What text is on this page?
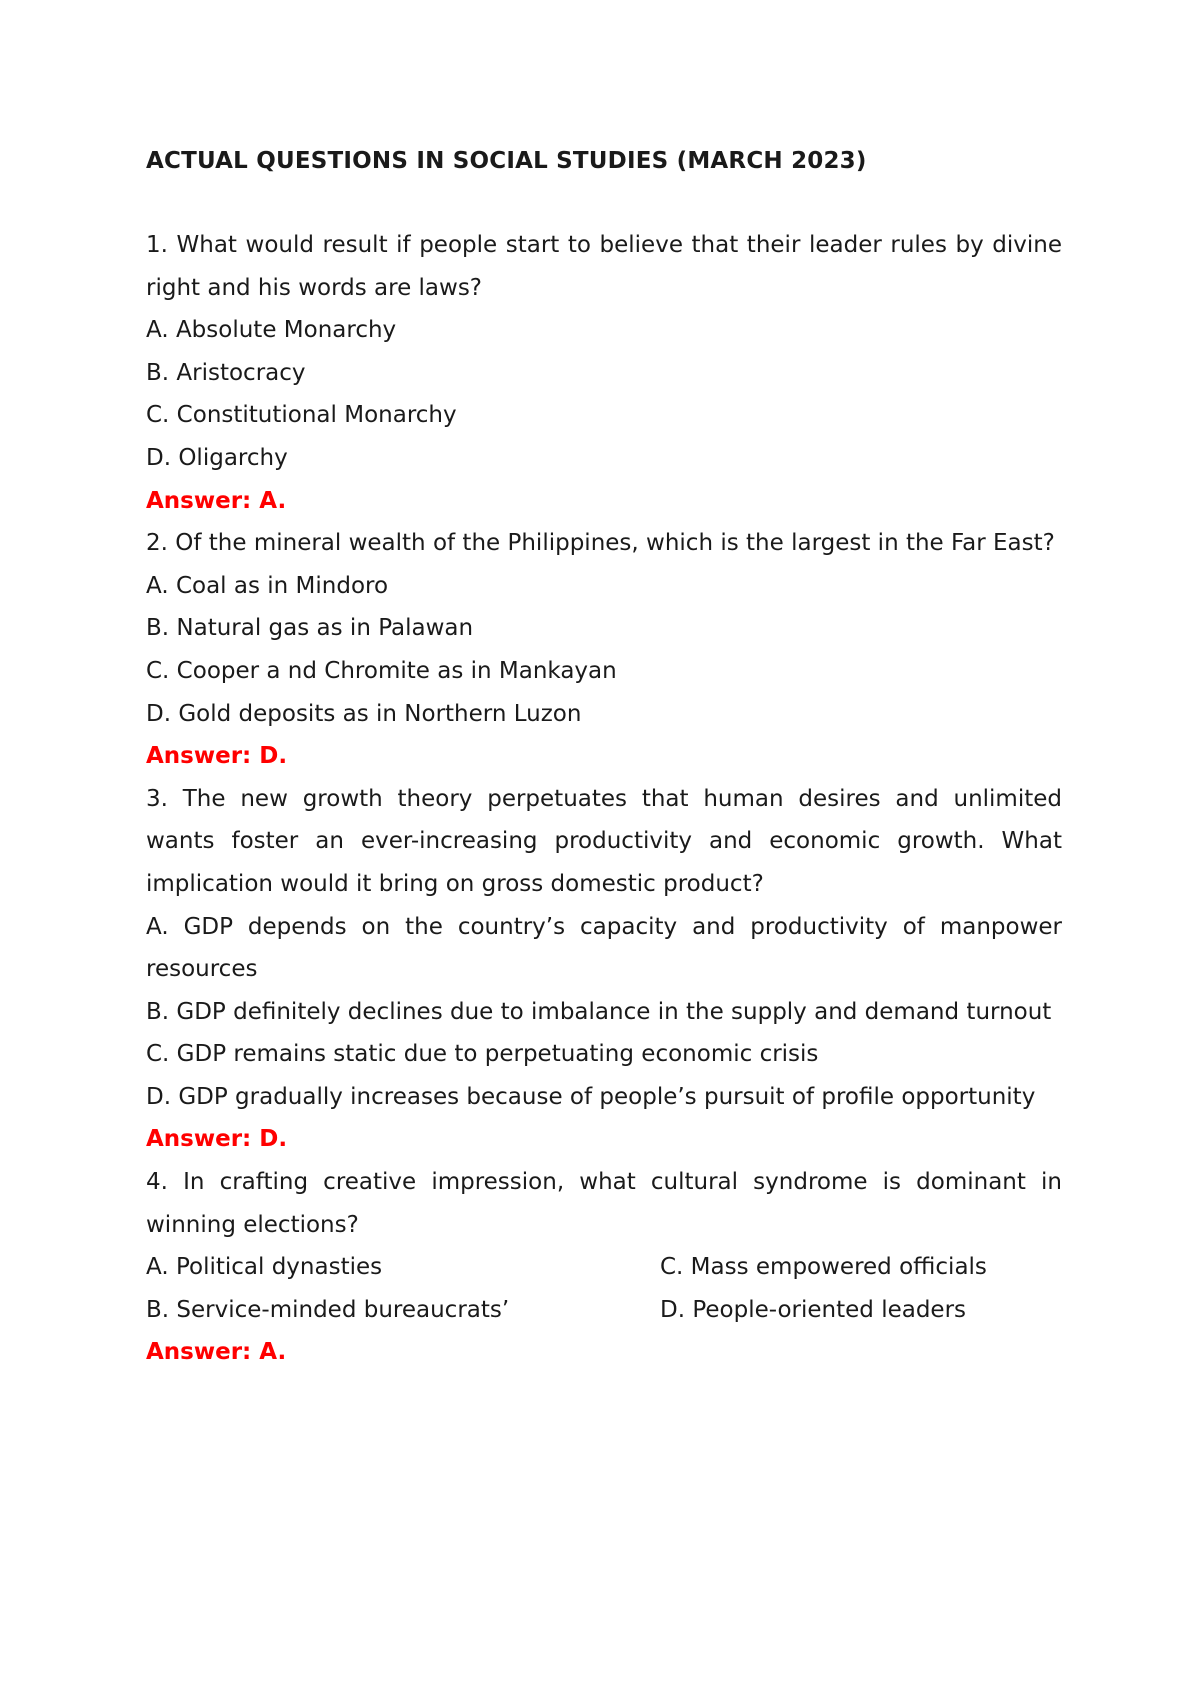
ACTUAL QUESTIONS IN SOCIAL STUDIES (MARCH 2023)
1. What would result if people start to believe that their leader rules by divine right and his words are laws?
A. Absolute Monarchy
B. Aristocracy
C. Constitutional Monarchy
D. Oligarchy
Answer: A.
2. Of the mineral wealth of the Philippines, which is the largest in the Far East?
A. Coal as in Mindoro
B. Natural gas as in Palawan
C. Cooper a nd Chromite as in Mankayan
D. Gold deposits as in Northern Luzon
Answer: D.
3. The new growth theory perpetuates that human desires and unlimited wants foster an ever-increasing productivity and economic growth. What implication would it bring on gross domestic product?
A. GDP depends on the country’s capacity and productivity of manpower resources
B. GDP definitely declines due to imbalance in the supply and demand turnout
C. GDP remains static due to perpetuating economic crisis
D. GDP gradually increases because of people’s pursuit of profile opportunity
Answer: D.
4. In crafting creative impression, what cultural syndrome is dominant in winning elections?
A. Political dynasties	C. Mass empowered officials
B. Service-minded bureaucrats’	D. People-oriented leaders
Answer: A.
